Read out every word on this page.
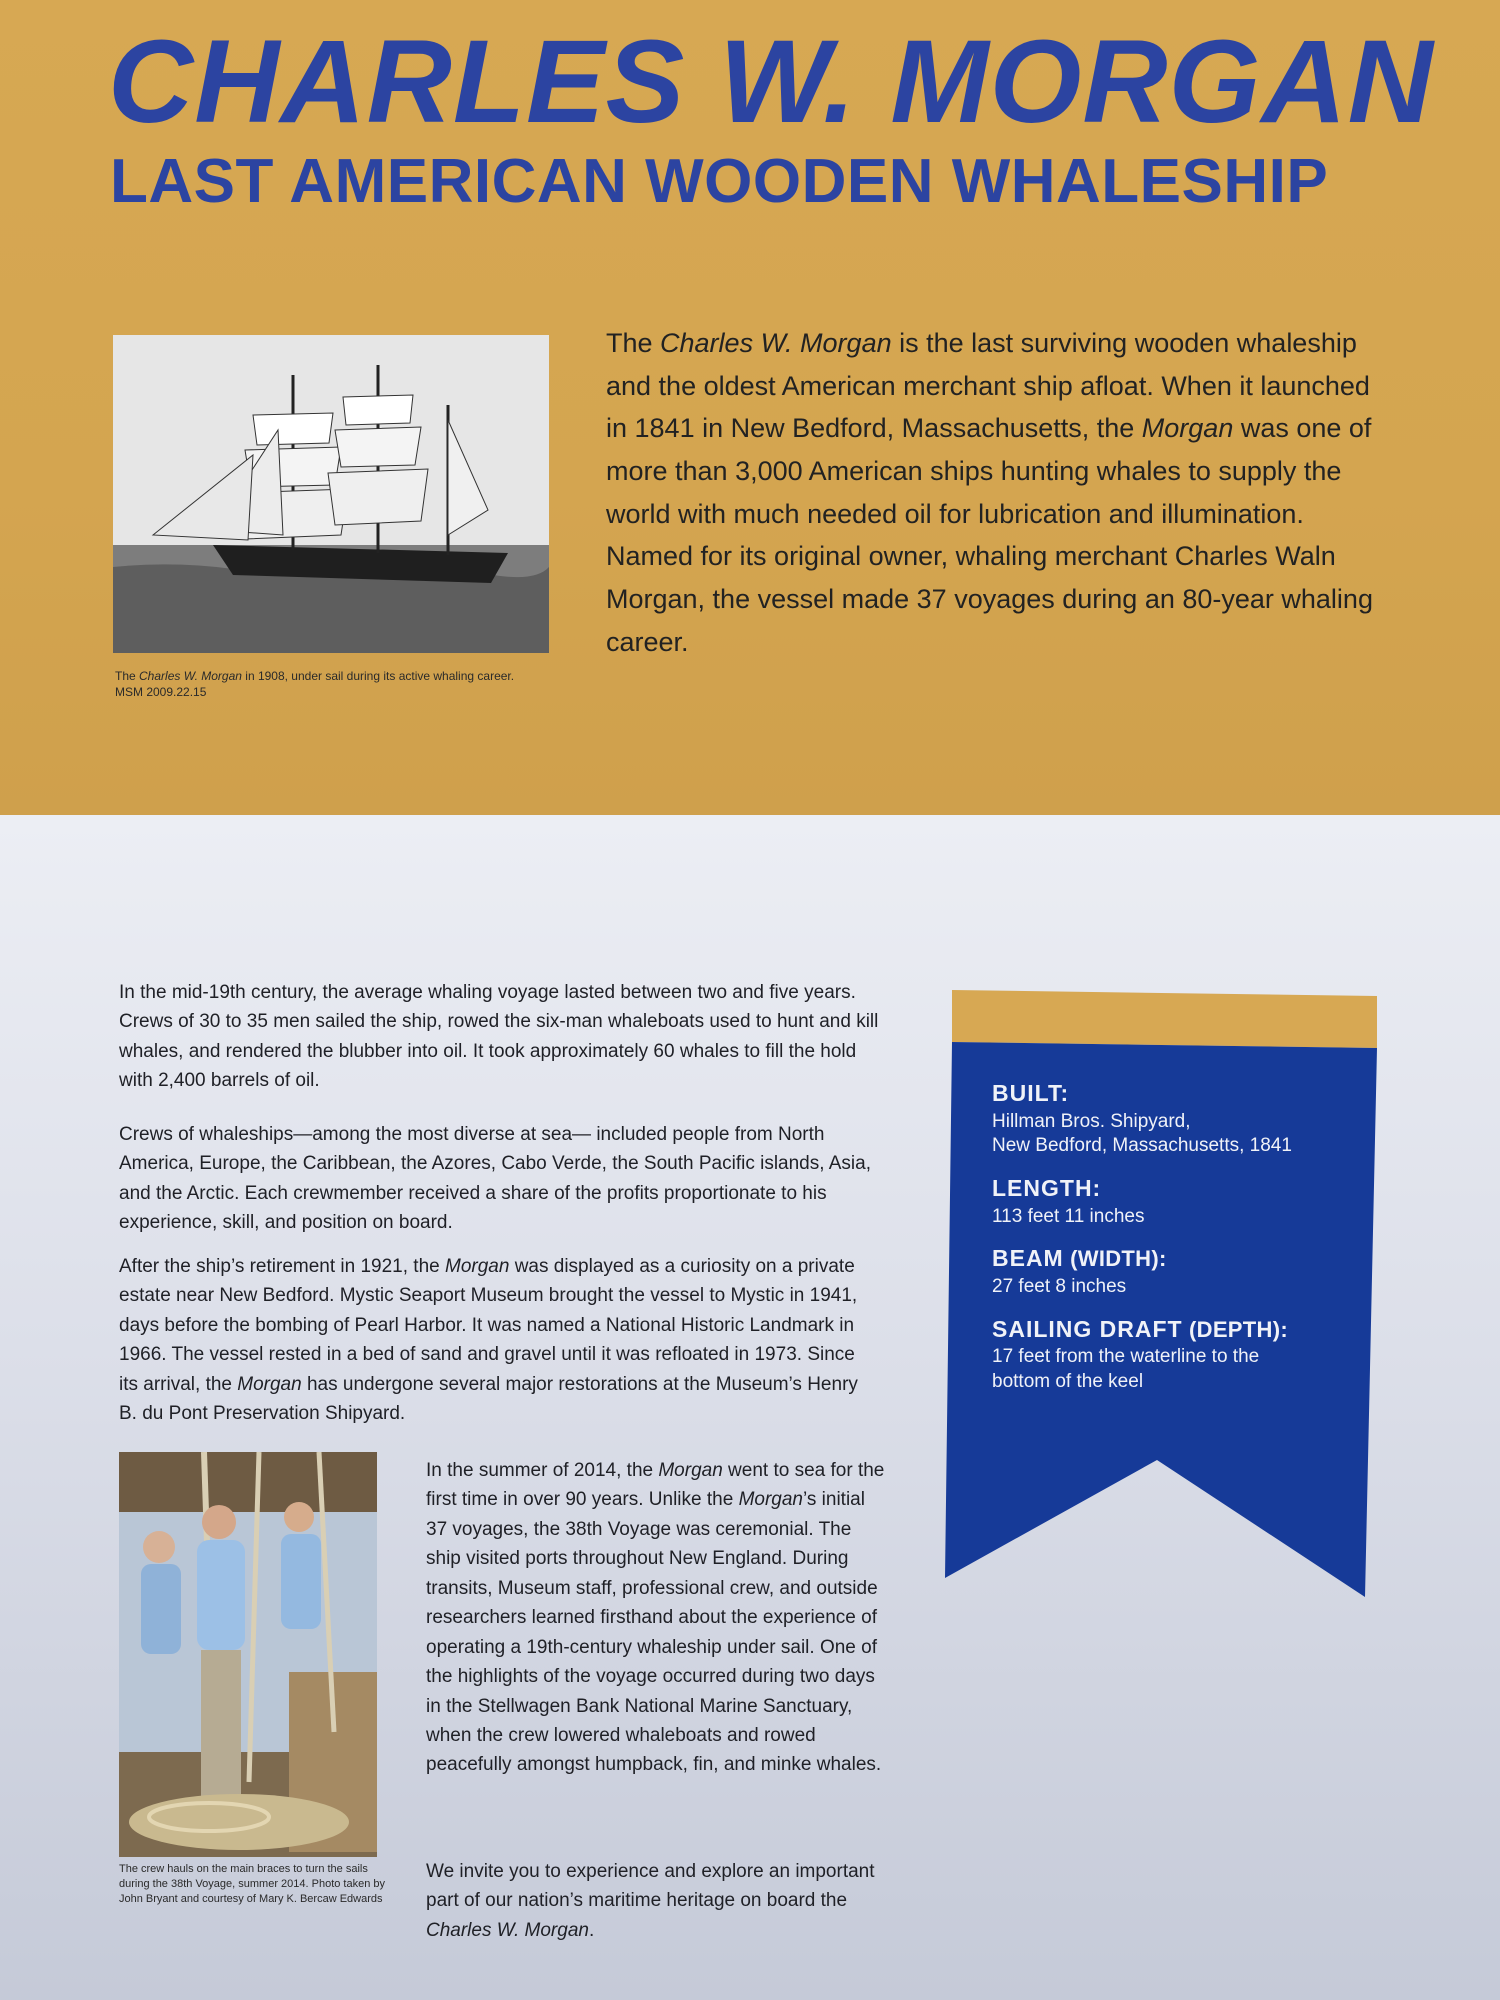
CHARLES W. MORGAN
LAST AMERICAN WOODEN WHALESHIP

The Charles W. Morgan in 1908, under sail during its active whaling career.
MSM 2009.22.15

The Charles W. Morgan is the last surviving wooden whaleship and the oldest American merchant ship afloat. When it launched in 1841 in New Bedford, Massachusetts, the Morgan was one of more than 3,000 American ships hunting whales to supply the world with much needed oil for lubrication and illumination. Named for its original owner, whaling merchant Charles Waln Morgan, the vessel made 37 voyages during an 80-year whaling career.

In the mid-19th century, the average whaling voyage lasted between two and five years. Crews of 30 to 35 men sailed the ship, rowed the six-man whaleboats used to hunt and kill whales, and rendered the blubber into oil. It took approximately 60 whales to fill the hold with 2,400 barrels of oil.

Crews of whaleships—among the most diverse at sea— included people from North America, Europe, the Caribbean, the Azores, Cabo Verde, the South Pacific islands, Asia, and the Arctic. Each crewmember received a share of the profits proportionate to his experience, skill, and position on board.

After the ship’s retirement in 1921, the Morgan was displayed as a curiosity on a private estate near New Bedford. Mystic Seaport Museum brought the vessel to Mystic in 1941, days before the bombing of Pearl Harbor. It was named a National Historic Landmark in 1966. The vessel rested in a bed of sand and gravel until it was refloated in 1973. Since its arrival, the Morgan has undergone several major restorations at the Museum’s Henry B. du Pont Preservation Shipyard.

The crew hauls on the main braces to turn the sails during the 38th Voyage, summer 2014. Photo taken by John Bryant and courtesy of Mary K. Bercaw Edwards

In the summer of 2014, the Morgan went to sea for the first time in over 90 years. Unlike the Morgan’s initial 37 voyages, the 38th Voyage was ceremonial. The ship visited ports throughout New England. During transits, Museum staff, professional crew, and outside researchers learned firsthand about the experience of operating a 19th-century whaleship under sail. One of the highlights of the voyage occurred during two days in the Stellwagen Bank National Marine Sanctuary, when the crew lowered whaleboats and rowed peacefully amongst humpback, fin, and minke whales.

We invite you to experience and explore an important part of our nation’s maritime heritage on board the Charles W. Morgan.

BUILT:

Hillman Bros. Shipyard,
New Bedford, Massachusetts, 1841

LENGTH:

113 feet 11 inches

BEAM (WIDTH):

27 feet 8 inches

SAILING DRAFT (DEPTH):

17 feet from the waterline to the
bottom of the keel
